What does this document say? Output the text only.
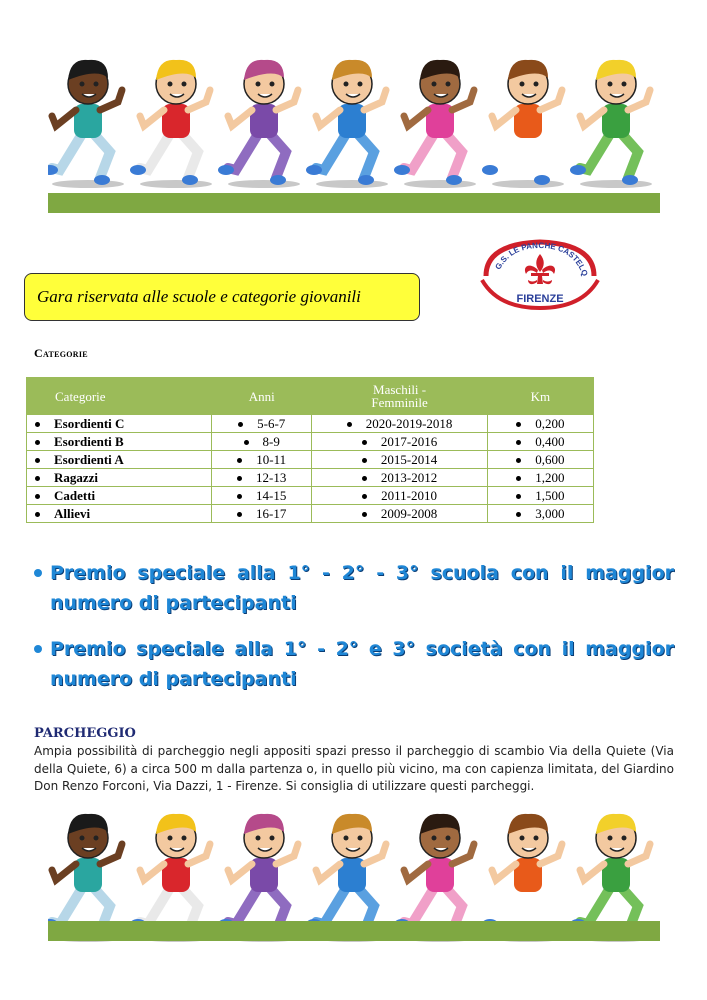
G.S. LE PANCHE CASTELQ
FIRENZE
Gara riservata alle scuole e categorie giovanili
Categorie
Categorie	Anni	Maschili - Femminile	Km
Esordienti C	5-6-7	2020-2019-2018	0,200
Esordienti B	8-9	2017-2016	0,400
Esordienti A	10-11	2015-2014	0,600
Ragazzi	12-13	2013-2012	1,200
Cadetti	14-15	2011-2010	1,500
Allievi	16-17	2009-2008	3,000
Premio speciale alla 1° - 2° - 3° scuola con il maggior numero di partecipanti
Premio speciale alla 1° - 2° e 3° società con il maggior numero di partecipanti
PARCHEGGIO
Ampia possibilità di parcheggio negli appositi spazi presso il parcheggio di scambio Via della Quiete (Via della Quiete, 6) a circa 500 m dalla partenza o, in quello più vicino, ma con capienza limitata, del Giardino Don Renzo Forconi, Via Dazzi, 1 - Firenze. Si consiglia di utilizzare questi parcheggi.
